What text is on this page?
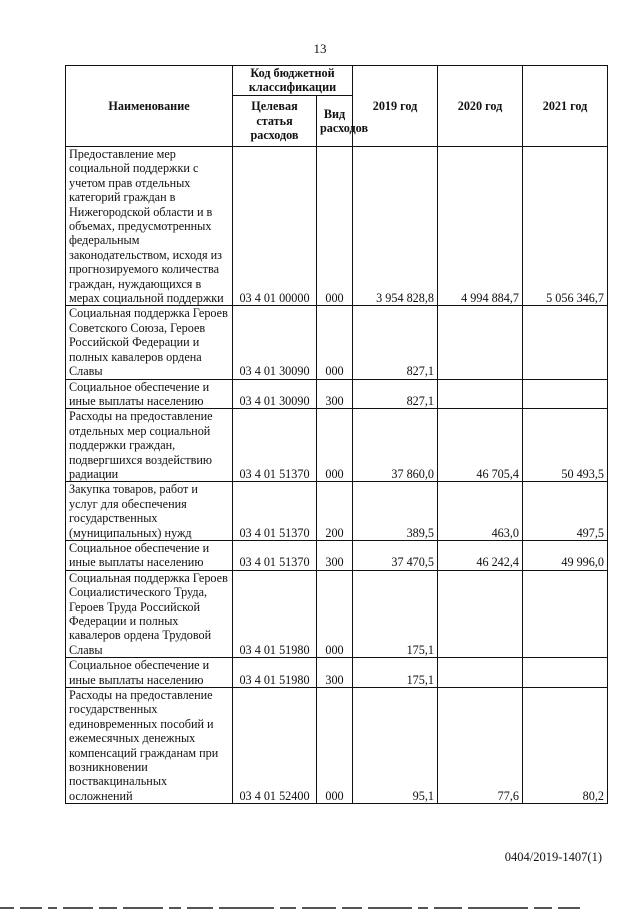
13
Наименование	Код бюджетной классификации		2019 год	2020 год	2021 год
	Целевая статья расходов	Вид расходов			
Предоставление мер социальной поддержки с учетом прав отдельных категорий граждан в Нижегородской области и в объемах, предусмотренных федеральным законодательством, исходя из прогнозируемого количества граждан, нуждающихся в мерах социальной поддержки	03 4 01 00000	000	3 954 828,8	4 994 884,7	5 056 346,7
Социальная поддержка Героев Советского Союза, Героев Российской Федерации и полных кавалеров ордена Славы	03 4 01 30090	000	827,1		
Социальное обеспечение и иные выплаты населению	03 4 01 30090	300	827,1		
Расходы на предоставление отдельных мер социальной поддержки граждан, подвергшихся воздействию радиации	03 4 01 51370	000	37 860,0	46 705,4	50 493,5
Закупка товаров, работ и услуг для обеспечения государственных (муниципальных) нужд	03 4 01 51370	200	389,5	463,0	497,5
Социальное обеспечение и иные выплаты населению	03 4 01 51370	300	37 470,5	46 242,4	49 996,0
Социальная поддержка Героев Социалистического Труда, Героев Труда Российской Федерации и полных кавалеров ордена Трудовой Славы	03 4 01 51980	000	175,1		
Социальное обеспечение и иные выплаты населению	03 4 01 51980	300	175,1		
Расходы на предоставление государственных единовременных пособий и ежемесячных денежных компенсаций гражданам при возникновении поствакцинальных осложнений	03 4 01 52400	000	95,1	77,6	80,2
0404/2019-1407(1)
